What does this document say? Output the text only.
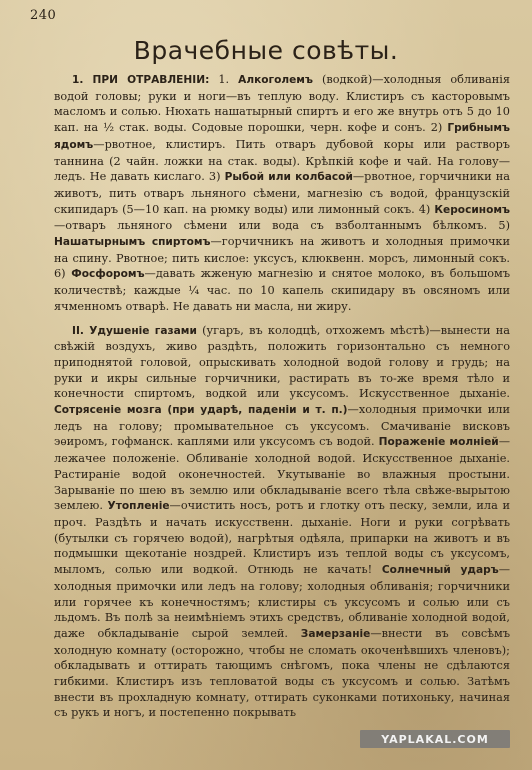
240
Врачебные совѣты.

1. ПРИ ОТРАВЛЕНІИ: 1. Алкоголемъ (водкой)—холодныя обливанія водой головы; руки и ноги—въ теплую воду. Клистиръ съ касторовымъ масломъ и солью. Нюхать нашатырный спиртъ и его же внутрь отъ 5 до 10 кап. на ½ стак. воды. Содовые порошки, черн. кофе и сонъ. 2) Грибнымъ ядомъ—рвотное, клистиръ. Пить отваръ дубовой коры или растворъ таннина (2 чайн. ложки на стак. воды). Крѣпкій кофе и чай. На голову—ледъ. Не давать кислаго. 3) Рыбой или колбасой—рвотное, горчичники на животъ, пить отваръ льняного сѣмени, магнезію съ водой, французскій скипидаръ (5—10 кап. на рюмку воды) или лимонный сокъ. 4) Керосиномъ—отваръ льняного сѣмени или вода съ взболтаннымъ бѣлкомъ. 5) Нашатырнымъ спиртомъ—горчичникъ на животъ и холодныя примочки на спину. Рвотное; пить кислое: уксусъ, клюквенн. морсъ, лимонный сокъ. 6) Фосфоромъ—давать жженую магнезію и снятое молоко, въ большомъ количествѣ; каждые ¼ час. по 10 капель скипидару въ овсяномъ или ячменномъ отварѣ. Не давать ни масла, ни жиру.

II. Удушеніе газами (угаръ, въ колодцѣ, отхожемъ мѣстѣ)—вынести на свѣжій воздухъ, живо раздѣть, положить горизонтально съ немного приподнятой головой, опрыскивать холодной водой голову и грудь; на руки и икры сильные горчичники, растирать въ то-же время тѣло и конечности спиртомъ, водкой или уксусомъ. Искусственное дыханіе. Сотрясеніе мозга (при ударѣ, паденіи и т. п.)—холодныя примочки или ледъ на голову; промывательное съ уксусомъ. Смачиваніе висковъ эѳиромъ, гофманск. каплями или уксусомъ съ водой. Пораженіе молніей—лежачее положеніе. Обливаніе холодной водой. Искусственное дыханіе. Растираніе водой оконечностей. Укутываніе во влажныя простыни. Зарываніе по шею въ землю или обкладываніе всего тѣла свѣже-вырытою землею. Утопленіе—очистить носъ, ротъ и глотку отъ песку, земли, ила и проч. Раздѣть и начать искусственн. дыханіе. Ноги и руки согрѣвать (бутылки съ горячею водой), нагрѣтыя одѣяла, припарки на животъ и въ подмышки щекотаніе ноздрей. Клистиръ изъ теплой воды съ уксусомъ, мыломъ, солью или водкой. Отнюдь не качать! Солнечный ударъ—холодныя примочки или ледъ на голову; холодныя обливанія; горчичники или горячее къ конечностямъ; клистиры съ уксусомъ и солью или съ льдомъ. Въ полѣ за неимѣніемъ этихъ средствъ, обливаніе холодной водой, даже обкладываніе сырой землей. Замерзаніе—внести въ совсѣмъ холодную комнату (осторожно, чтобы не сломать окоченѣвшихъ членовъ); обкладывать и оттирать тающимъ снѣгомъ, пока члены не сдѣлаются гибкими. Клистиръ изъ тепловатой воды съ уксусомъ и солью. Затѣмъ внести въ прохладную комнату, оттирать суконками потихоньку, начиная съ рукъ и ногъ, и постепенно покрывать

YAPLAKAL.COM
